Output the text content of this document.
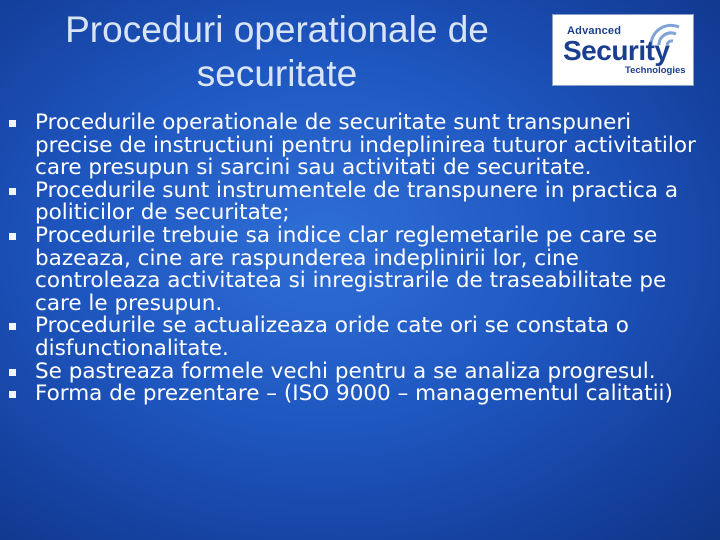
Proceduri operationale de
securitate
Advanced
Security
Technologies
Procedurile operationale de securitate sunt transpuneri precise de instructiuni pentru indeplinirea tuturor activitatilor care presupun si sarcini sau activitati de securitate.
Procedurile sunt instrumentele de transpunere in practica a politicilor de securitate;
Procedurile trebuie sa indice clar reglemetarile pe care se bazeaza, cine are raspunderea indeplinirii lor, cine controleaza activitatea si inregistrarile de traseabilitate pe care le presupun.
Procedurile se actualizeaza oride cate ori se constata o disfunctionalitate.
Se pastreaza formele vechi pentru a se analiza progresul.
Forma de prezentare – (ISO 9000 – managementul calitatii)
